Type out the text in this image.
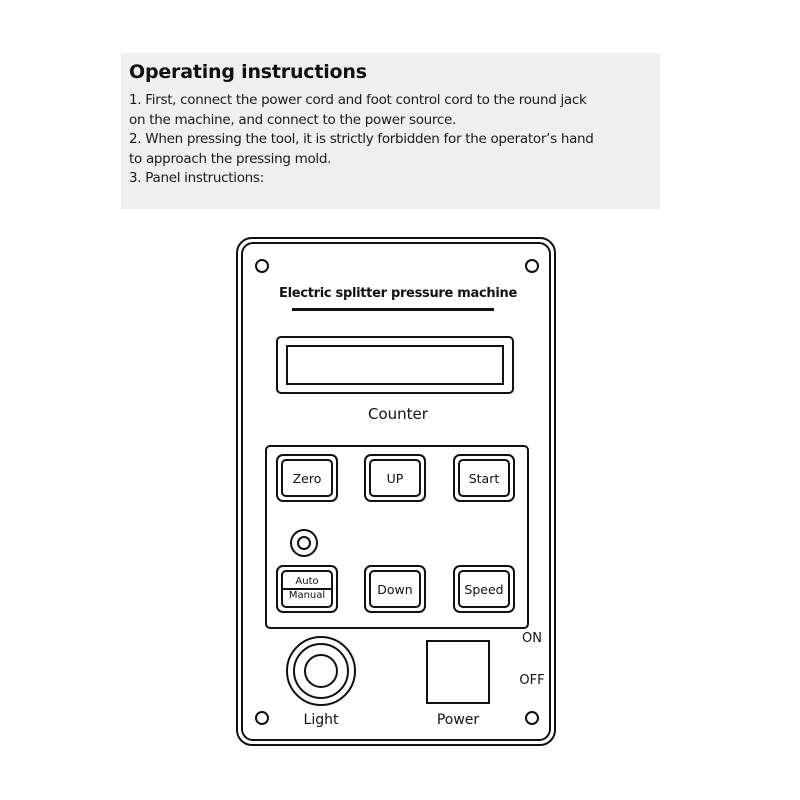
Operating instructions

1. First, connect the power cord and foot control cord to the round jack

on the machine, and connect to the power source.

2. When pressing the tool, it is strictly forbidden for the operator’s hand

to approach the pressing mold.

3. Panel instructions:

Electric splitter pressure machine
Counter
Zero	UP	Start
Auto
Manual	Down	Speed
Light	Power
ON
OFF
